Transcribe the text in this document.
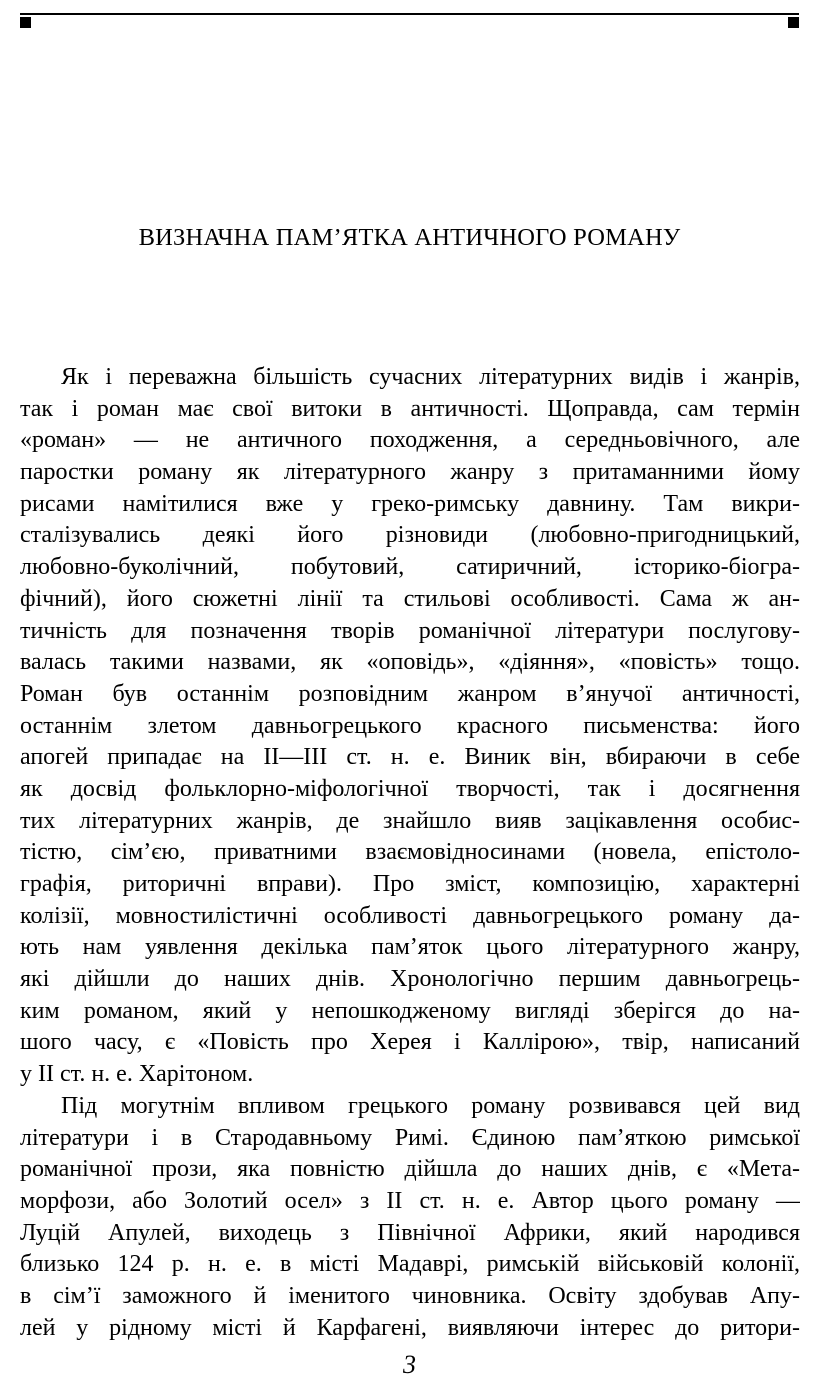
ВИЗНАЧНА ПАМ’ЯТКА АНТИЧНОГО РОМАНУ
Як і переважна більшість сучасних літературних видів і жанрів,
так і роман має свої витоки в античності. Щоправда, сам термін
«роман» — не античного походження, а середньовічного, але
паростки роману як літературного жанру з притаманними йому
рисами намітилися вже у греко-римську давнину. Там викри-
сталізувались деякі його різновиди (любовно-пригодницький,
любовно-буколічний, побутовий, сатиричний, історико-біогра-
фічний), його сюжетні лінії та стильові особливості. Сама ж ан-
тичність для позначення творів романічної літератури послугову-
валась такими назвами, як «оповідь», «діяння», «повість» тощо.
Роман був останнім розповідним жанром в’янучої античності,
останнім злетом давньогрецького красного письменства: його
апогей припадає на II—III ст. н. е. Виник він, вбираючи в себе
як досвід фольклорно-міфологічної творчості, так і досягнення
тих літературних жанрів, де знайшло вияв зацікавлення особис-
тістю, сім’єю, приватними взаємовідносинами (новела, епістоло-
графія, риторичні вправи). Про зміст, композицію, характерні
колізії, мовностилістичні особливості давньогрецького роману да-
ють нам уявлення декілька пам’яток цього літературного жанру,
які дійшли до наших днів. Хронологічно першим давньогрець-
ким романом, який у непошкодженому вигляді зберігся до на-
шого часу, є «Повість про Херея і Каллірою», твір, написаний
у II ст. н. е. Харітоном.
Під могутнім впливом грецького роману розвивався цей вид
літератури і в Стародавньому Римі. Єдиною пам’яткою римської
романічної прози, яка повністю дійшла до наших днів, є «Мета-
морфози, або Золотий осел» з II ст. н. е. Автор цього роману —
Луцій Апулей, виходець з Північної Африки, який народився
близько 124 р. н. е. в місті Мадаврі, римській військовій колонії,
в сім’ї заможного й іменитого чиновника. Освіту здобував Апу-
лей у рідному місті й Карфагені, виявляючи інтерес до ритори-
3
